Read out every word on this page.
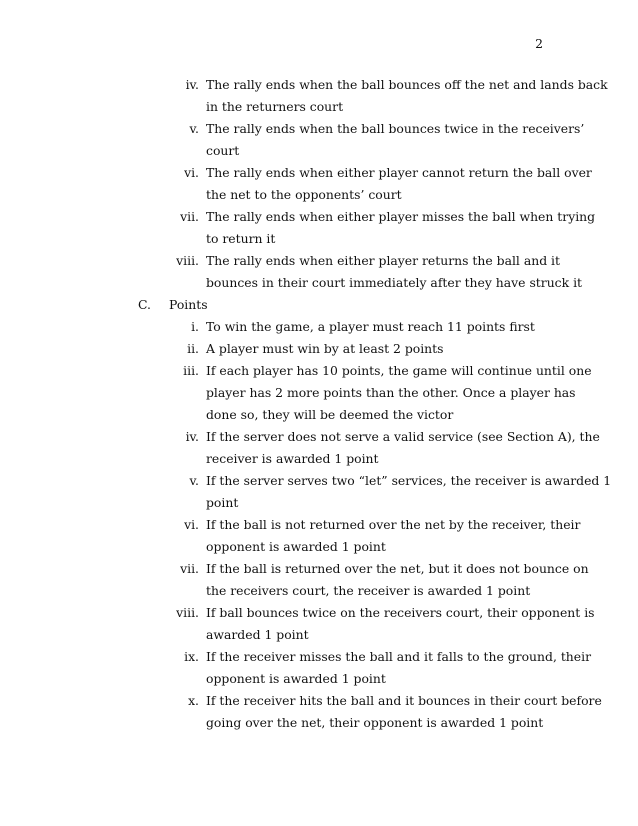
2
iv. The rally ends when the ball bounces off the net and lands back
in the returners court
v. The rally ends when the ball bounces twice in the receivers’
court
vi. The rally ends when either player cannot return the ball over
the net to the opponents’ court
vii. The rally ends when either player misses the ball when trying
to return it
viii. The rally ends when either player returns the ball and it
bounces in their court immediately after they have struck it
C. Points
i. To win the game, a player must reach 11 points first
ii. A player must win by at least 2 points
iii. If each player has 10 points, the game will continue until one
player has 2 more points than the other. Once a player has
done so, they will be deemed the victor
iv. If the server does not serve a valid service (see Section A), the
receiver is awarded 1 point
v. If the server serves two “let” services, the receiver is awarded 1
point
vi. If the ball is not returned over the net by the receiver, their
opponent is awarded 1 point
vii. If the ball is returned over the net, but it does not bounce on
the receivers court, the receiver is awarded 1 point
viii. If ball bounces twice on the receivers court, their opponent is
awarded 1 point
ix. If the receiver misses the ball and it falls to the ground, their
opponent is awarded 1 point
x. If the receiver hits the ball and it bounces in their court before
going over the net, their opponent is awarded 1 point
